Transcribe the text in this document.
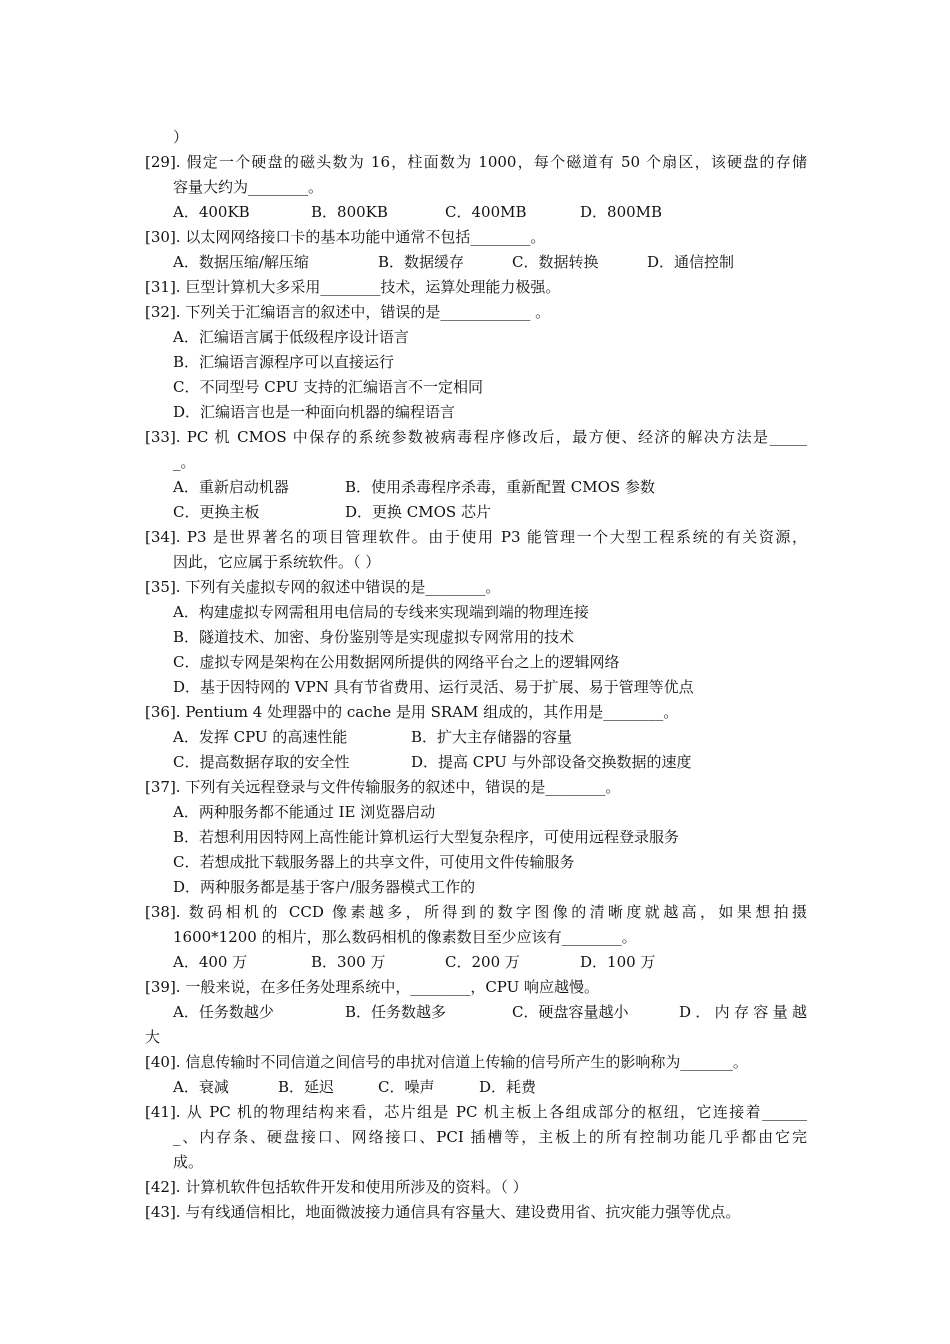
）
[29]. 假定一个硬盘的磁头数为 16，柱面数为 1000，每个磁道有 50 个扇区，该硬盘的存储
容量大约为________。
[30]. 以太网网络接口卡的基本功能中通常不包括________。
[31]. 巨型计算机大多采用________技术，运算处理能力极强。
[32]. 下列关于汇编语言的叙述中，错误的是____________ 。
A．汇编语言属于低级程序设计语言
B．汇编语言源程序可以直接运行
C．不同型号 CPU 支持的汇编语言不一定相同
D．汇编语言也是一种面向机器的编程语言
[33]. PC 机 CMOS 中保存的系统参数被病毒程序修改后，最方便、经济的解决方法是_____
_。
[34]. P3 是世界著名的项目管理软件。由于使用 P3 能管理一个大型工程系统的有关资源，
因此，它应属于系统软件。（ ）
[35]. 下列有关虚拟专网的叙述中错误的是________。
A．构建虚拟专网需租用电信局的专线来实现端到端的物理连接
B．隧道技术、加密、身份鉴别等是实现虚拟专网常用的技术
C．虚拟专网是架构在公用数据网所提供的网络平台之上的逻辑网络
D．基于因特网的 VPN 具有节省费用、运行灵活、易于扩展、易于管理等优点
[36]. Pentium 4 处理器中的 cache 是用 SRAM 组成的，其作用是________。
[37]. 下列有关远程登录与文件传输服务的叙述中，错误的是________。
A．两种服务都不能通过 IE 浏览器启动
B．若想利用因特网上高性能计算机运行大型复杂程序，可使用远程登录服务
C．若想成批下载服务器上的共享文件，可使用文件传输服务
D．两种服务都是基于客户/服务器模式工作的
[38]. 数码相机的 CCD 像素越多，所得到的数字图像的清晰度就越高，如果想拍摄
1600*1200 的相片，那么数码相机的像素数目至少应该有________。
[39]. 一般来说，在多任务处理系统中，________，CPU 响应越慢。
大
[40]. 信息传输时不同信道之间信号的串扰对信道上传输的信号所产生的影响称为_______。
[41]. 从 PC 机的物理结构来看，芯片组是 PC 机主板上各组成部分的枢纽，它连接着______
_、内存条、硬盘接口、网络接口、PCI 插槽等，主板上的所有控制功能几乎都由它完
成。
[42]. 计算机软件包括软件开发和使用所涉及的资料。（ ）
[43]. 与有线通信相比，地面微波接力通信具有容量大、建设费用省、抗灾能力强等优点。
A．400KB	B．800KB	C．400MB	D．800MB
A．数据压缩/解压缩	B．数据缓存	C．数据转换	D．通信控制
A．重新启动机器	B．使用杀毒程序杀毒，重新配置 CMOS 参数
C．更换主板	D．更换 CMOS 芯片
A．发挥 CPU 的高速性能	B．扩大主存储器的容量
C．提高数据存取的安全性	D．提高 CPU 与外部设备交换数据的速度
A．400 万	B．300 万	C．200 万	D．100 万
A．任务数越少	B．任务数越多	C．硬盘容量越小	D．内存容量越
A．衰减	B．延迟	C．噪声	D．耗费
